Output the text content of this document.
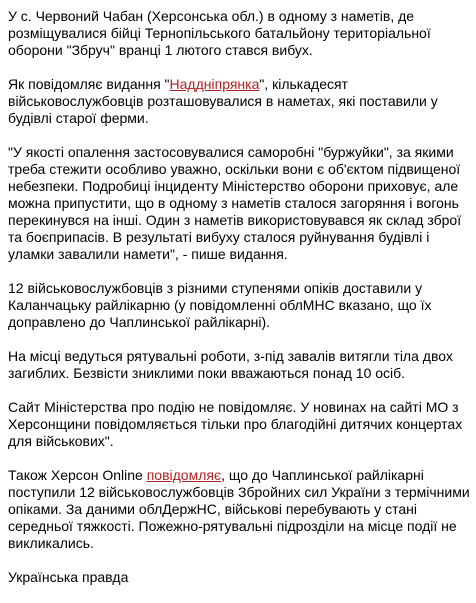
У с. Червоний Чабан (Херсонська обл.) в одному з наметів, де розміщувалися бійці Тернопільського батальйону територіальної оборони "Збруч" вранці 1 лютого стався вибух.

Як повідомляє видання "Наддніпрянка", кількадесят військовослужбовців розташовувалися в наметах, які поставили у будівлі старої ферми.

"У якості опалення застосовувалися саморобні "буржуйки", за якими треба стежити особливо уважно, оскільки вони є об'єктом підвищеної небезпеки. Подробиці інциденту Міністерство оборони приховує, але можна припустити, що в одному з наметів сталося загоряння і вогонь перекинувся на інші. Один з наметів використовувався як склад зброї та боєприпасів. В результаті вибуху сталося руйнування будівлі і уламки завалили намети", - пише видання.

12 військовослужбовців з різними ступенями опіків доставили у Каланчацьку райлікарню (у повідомленні облМНС вказано, що їх доправлено до Чаплинської райлікарні).

На місці ведуться рятувальні роботи, з-під завалів витягли тіла двох загиблих. Безвісти зниклими поки вважаються понад 10 осіб.

Сайт Міністерства про подію не повідомляє. У новинах на сайті МО з Херсонщини повідомляється тільки про благодійні дитячих концертах для військових".

Також Херсон Online повідомляє, що до Чаплинської райлікарні поступили 12 військовослужбовців Збройних сил України з термічними опіками. За даними облДержНС, військові перебувають у стані середньої тяжкості. Пожежно-рятувальні підрозділи на місце події не викликались.

Українська правда
